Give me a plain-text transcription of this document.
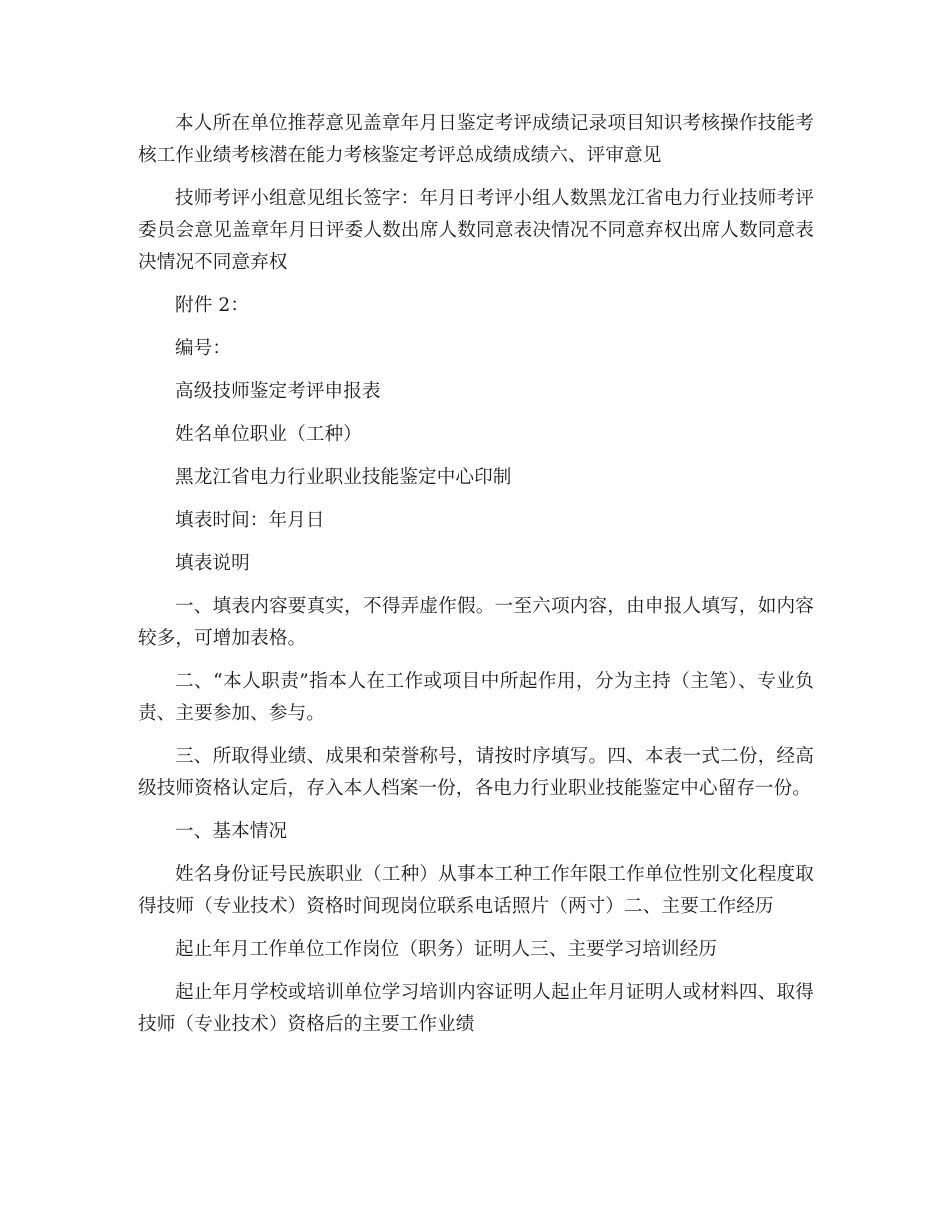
本人所在单位推荐意见盖章年月日鉴定考评成绩记录项目知识考核操作技能考核工作业绩考核潜在能力考核鉴定考评总成绩成绩六、评审意见

技师考评小组意见组长签字：年月日考评小组人数黑龙江省电力行业技师考评委员会意见盖章年月日评委人数出席人数同意表决情况不同意弃权出席人数同意表决情况不同意弃权

附件 2：

编号：

高级技师鉴定考评申报表

姓名单位职业（工种）

黑龙江省电力行业职业技能鉴定中心印制

填表时间：年月日

填表说明

一、填表内容要真实，不得弄虚作假。一至六项内容，由申报人填写，如内容较多，可增加表格。

二、“本人职责”指本人在工作或项目中所起作用，分为主持（主笔）、专业负责、主要参加、参与。

三、所取得业绩、成果和荣誉称号，请按时序填写。四、本表一式二份，经高级技师资格认定后，存入本人档案一份，各电力行业职业技能鉴定中心留存一份。

一、基本情况

姓名身份证号民族职业（工种）从事本工种工作年限工作单位性别文化程度取得技师（专业技术）资格时间现岗位联系电话照片（两寸）二、主要工作经历

起止年月工作单位工作岗位（职务）证明人三、主要学习培训经历

起止年月学校或培训单位学习培训内容证明人起止年月证明人或材料四、取得技师（专业技术）资格后的主要工作业绩
